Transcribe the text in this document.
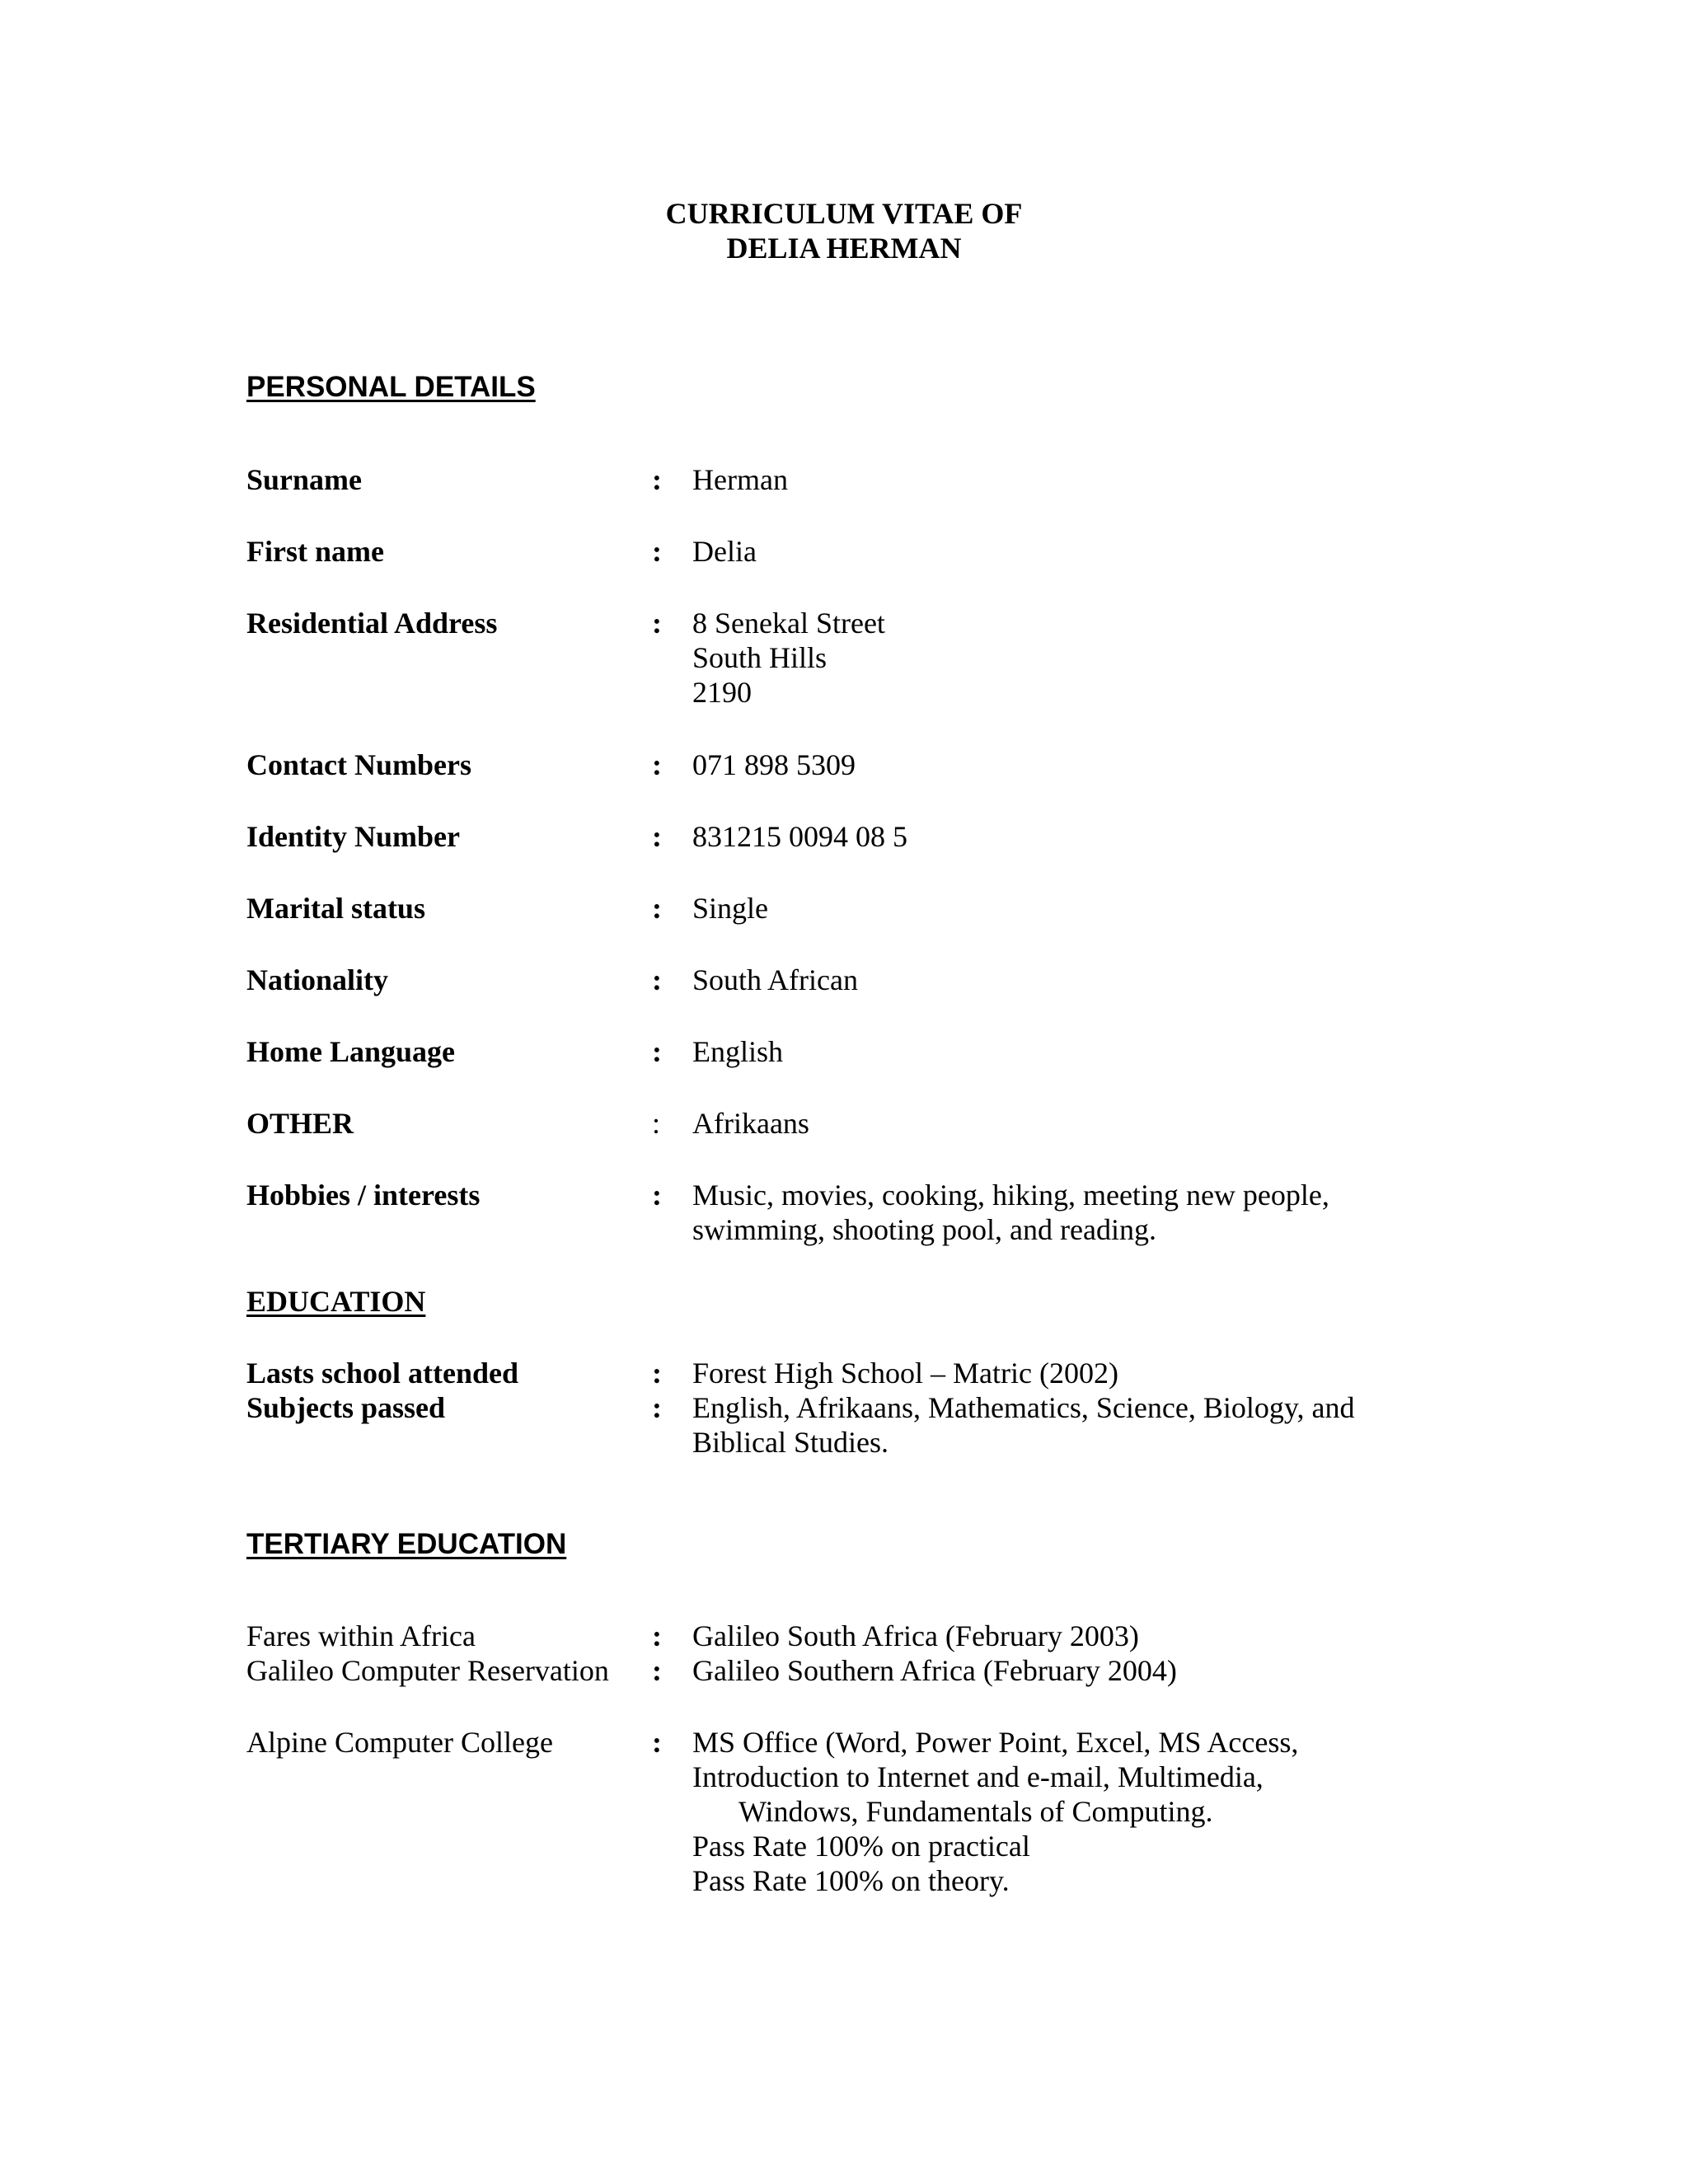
CURRICULUM VITAE OF
DELIA HERMAN
PERSONAL DETAILS
Surname	: Herman
First name	: Delia
Residential Address	: 8 Senekal Street
South Hills
2190
Contact Numbers	: 071 898 5309
Identity Number	: 831215 0094 08 5
Marital status	: Single
Nationality	: South African
Home Language	: English
OTHER	: Afrikaans
Hobbies / interests	: Music, movies, cooking, hiking, meeting new people,
swimming, shooting pool, and reading.
EDUCATION
Lasts school attended	: Forest High School – Matric (2002)
Subjects passed	: English, Afrikaans, Mathematics, Science, Biology, and
Biblical Studies.
TERTIARY EDUCATION
Fares within Africa	: Galileo South Africa (February 2003)
Galileo Computer Reservation : Galileo Southern Africa (February 2004)
Alpine Computer College	: MS Office (Word, Power Point, Excel, MS Access,
Introduction to Internet and e-mail, Multimedia,
Windows, Fundamentals of Computing.
Pass Rate 100% on practical
Pass Rate 100% on theory.
